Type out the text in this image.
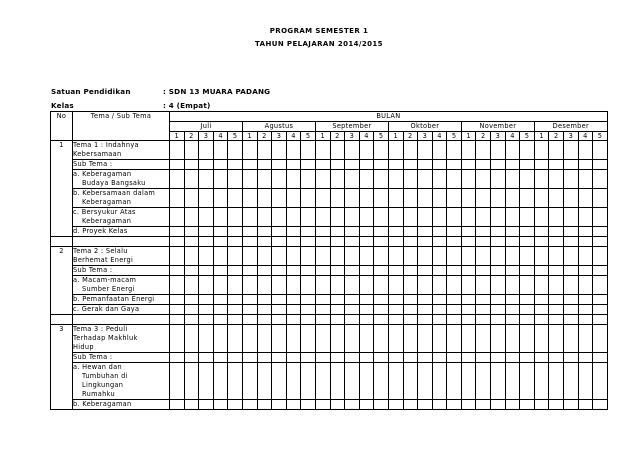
PROGRAM SEMESTER 1
TAHUN PELAJARAN 2014/2015
Satuan Pendidikan	: SDN 13 MUARA PADANG
Kelas	: 4 (Empat)
No	Tema / Sub Tema	BULAN																													
		Juli					Agustus					September					Oktober					November					Desember				
		1	2	3	4	5	1	2	3	4	5	1	2	3	4	5	1	2	3	4	5	1	2	3	4	5	1	2	3	4	5
1	Tema 1 : Indahnya
Kebersamaan																														

	Sub Tema :																														

	a. Keberagaman
Budaya Bangsaku																														

	b. Kebersamaan dalam
Keberagaman																														

	c. Bersyukur Atas
Keberagaman																														

	d. Proyek Kelas																														

2	Tema 2 : Selalu
Berhemat Energi																														

	Sub Tema :																														

	a. Macam-macam
Sumber Energi																														

	b. Pemanfaatan Energi																														

	c. Gerak dan Gaya																														

3	Tema 3 : Peduli
Terhadap Makhluk
Hidup																														

	Sub Tema :																														

	a. Hewan dan
Tumbuhan di
Lingkungan
Rumahku																														

	b. Keberagaman																														
